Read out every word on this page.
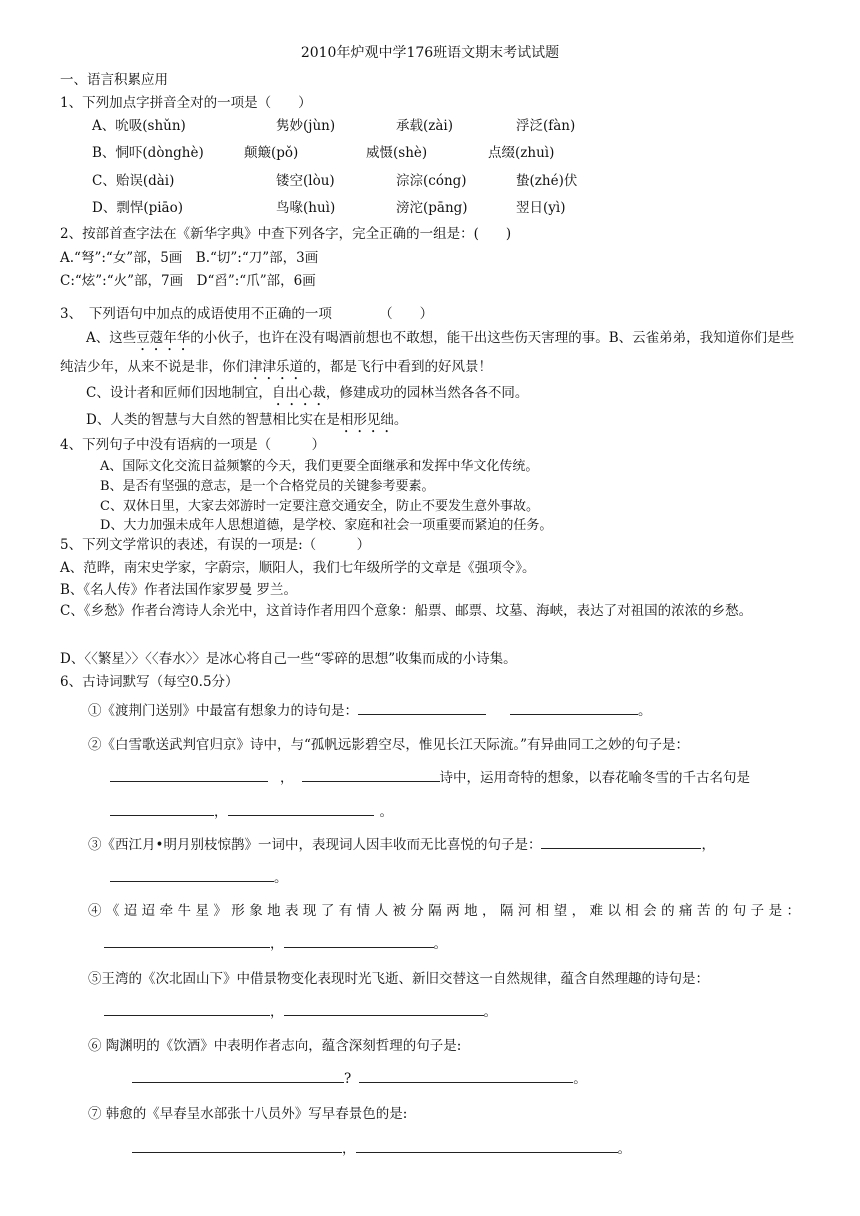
2010年炉观中学176班语文期末考试试题
一、语言积累应用
1、下列加点字拼音全对的一项是（　　）
A、吮吸(shǔn)	隽妙(jùn)	承载(zài)	浮泛(fàn)
B、恫吓(dònghè)	颠簸(pǒ)	威慑(shè)	点缀(zhuì)
C、贻误(dài)	镂空(lòu)	淙淙(cóng)	蛰(zhé)伏
D、剽悍(piāo)	鸟喙(huì)	滂沱(pāng)	翌日(yì)
2、按部首查字法在《新华字典》中查下列各字，完全正确的一组是：(　　)
A.“弩”:“女”部，5画　B.“切”:“刀”部，3画
C:“炫”:“火”部，7画　D“舀”:“爪”部，6画
3、　下列语句中加点的成语使用不正确的一项　　　　（　　）
A、这些豆蔻年华的小伙子，也许在没有喝酒前想也不敢想，能干出这些伤天害理的事。B、云雀弟弟，我知道你们是些纯洁少年，从来不说是非，你们津津乐道的，都是飞行中看到的好风景！
C、设计者和匠师们因地制宜，自出心裁，修建成功的园林当然各各不同。
D、人类的智慧与大自然的智慧相比实在是相形见绌。
4、下列句子中没有语病的一项是（　　　）
A、国际文化交流日益频繁的今天，我们更要全面继承和发挥中华文化传统。
B、是否有坚强的意志，是一个合格党员的关键参考要素。
C、双休日里，大家去郊游时一定要注意交通安全，防止不要发生意外事故。
D、大力加强未成年人思想道德，是学校、家庭和社会一项重要而紧迫的任务。
5、下列文学常识的表述，有误的一项是:（　　　）
A、范晔，南宋史学家，字蔚宗，顺阳人，我们七年级所学的文章是《强项令》。
B、《名人传》作者法国作家罗曼 罗兰。
C、《乡愁》作者台湾诗人余光中，这首诗作者用四个意象：船票、邮票、坟墓、海峡，表达了对祖国的浓浓的乡愁。
D、〈〈繁星〉〉〈〈春水〉〉是冰心将自己一些“零碎的思想”收集而成的小诗集。
6、古诗词默写（每空0.5分）
①《渡荆门送别》中最富有想象力的诗句是：	。
②《白雪歌送武判官归京》诗中，与“孤帆远影碧空尽，惟见长江天际流。”有异曲同工之妙的句子是：
，	诗中，运用奇特的想象，以春花喻冬雪的千古名句是
，	。
③《西江月•明月别枝惊鹊》一词中，表现词人因丰收而无比喜悦的句子是：	，
。
④《迢迢牵牛星》形象地表现了有情人被分隔两地，隔河相望，难以相会的痛苦的句子是：
，	。
⑤王湾的《次北固山下》中借景物变化表现时光飞逝、新旧交替这一自然规律，蕴含自然理趣的诗句是：
，	。
⑥ 陶渊明的《饮酒》中表明作者志向，蕴含深刻哲理的句子是:
?	。
⑦ 韩愈的《早春呈水部张十八员外》写早春景色的是:
，	。
